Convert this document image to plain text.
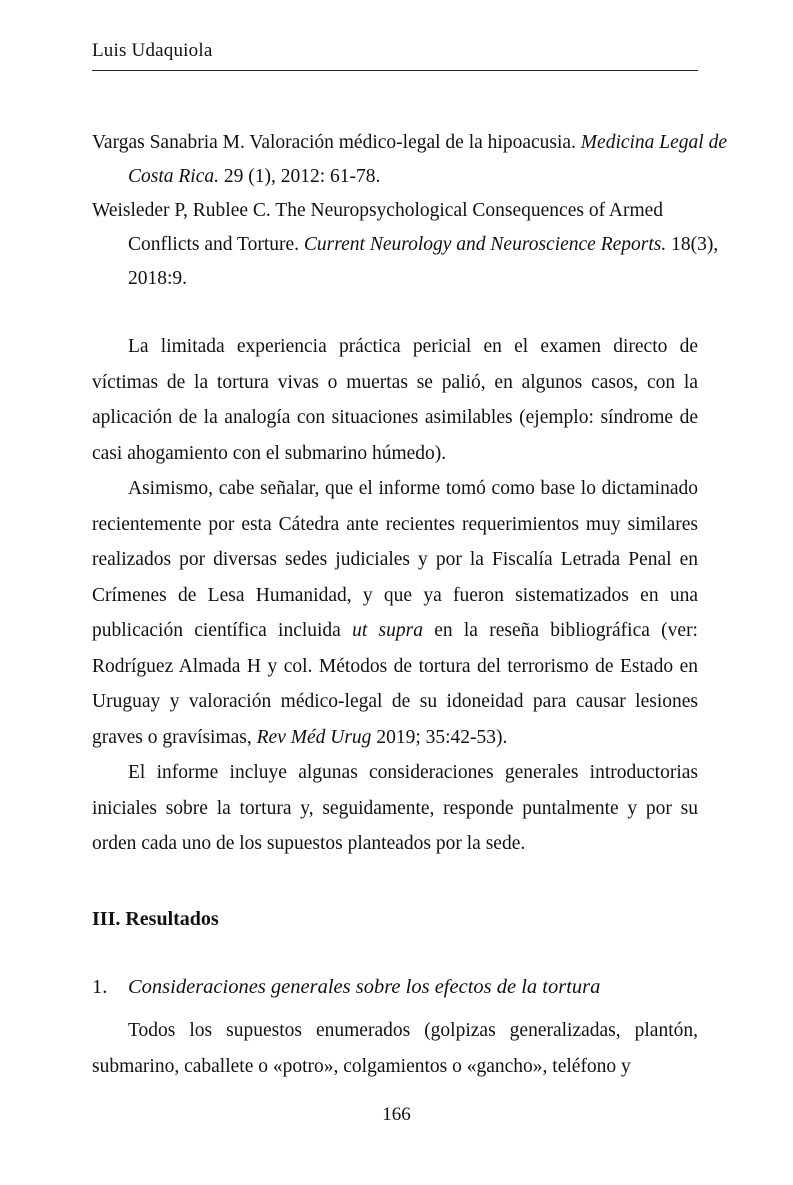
Luis Udaquiola
Vargas Sanabria M. Valoración médico-legal de la hipoacusia. Medicina Legal de Costa Rica. 29 (1), 2012: 61-78.
Weisleder P, Rublee C. The Neuropsychological Consequences of Armed Conflicts and Torture. Current Neurology and Neuroscience Reports. 18(3), 2018:9.

La limitada experiencia práctica pericial en el examen directo de víctimas de la tortura vivas o muertas se palió, en algunos casos, con la aplicación de la analogía con situaciones asimilables (ejemplo: síndrome de casi ahogamiento con el submarino húmedo).

Asimismo, cabe señalar, que el informe tomó como base lo dictaminado recientemente por esta Cátedra ante recientes requerimientos muy similares realizados por diversas sedes judiciales y por la Fiscalía Letrada Penal en Crímenes de Lesa Humanidad, y que ya fueron sistematizados en una publicación científica incluida ut supra en la reseña bibliográfica (ver: Rodríguez Almada H y col. Métodos de tortura del terrorismo de Estado en Uruguay y valoración médico-legal de su idoneidad para causar lesiones graves o gravísimas, Rev Méd Urug 2019; 35:42-53).

El informe incluye algunas consideraciones generales introductorias iniciales sobre la tortura y, seguidamente, responde puntalmente y por su orden cada uno de los supuestos planteados por la sede.

III. Resultados
1. Consideraciones generales sobre los efectos de la tortura

Todos los supuestos enumerados (golpizas generalizadas, plantón, submarino, caballete o «potro», colgamientos o «gancho», teléfono y

166
